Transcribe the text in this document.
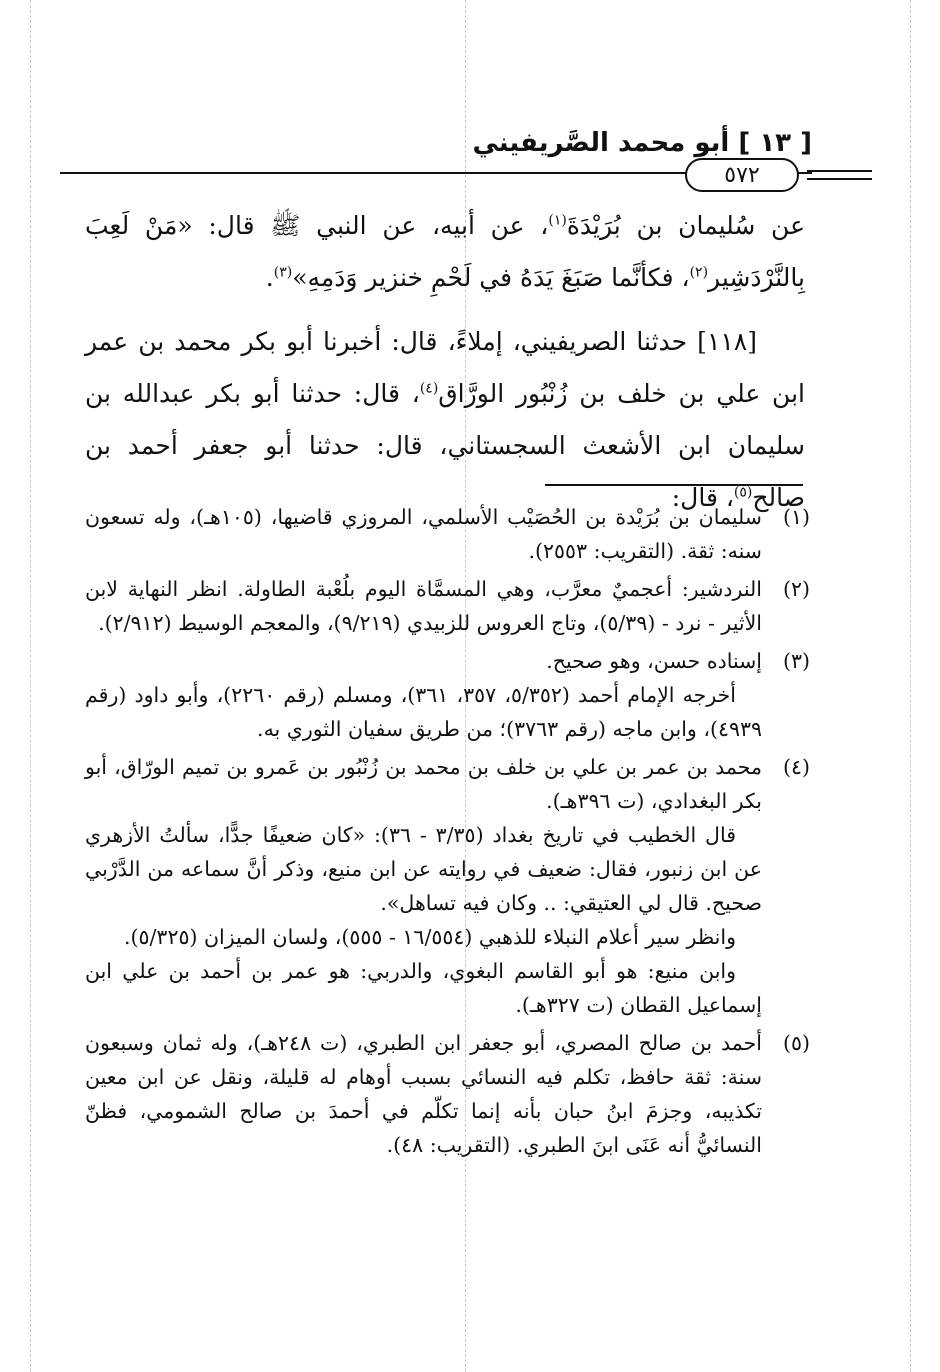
[ ١٣ ] أبو محمد الصَّريفيني
٥٧٢

عن سُليمان بن بُرَيْدَةَ$^{(١)}$، عن أبيه، عن النبي ﷺ قال: «مَنْ لَعِبَ بِالنَّرْدَشِير$^{(٢)}$، فكأنَّما صَبَغَ يَدَهُ في لَحْمِ خنزير وَدَمِهِ»$^{(٣)}$.

[١١٨] حدثنا الصريفيني، إملاءً، قال: أخبرنا أبو بكر محمد بن عمر ابن علي بن خلف بن زُنْبُور الورَّاق$^{(٤)}$، قال: حدثنا أبو بكر عبدالله بن سليمان ابن الأشعث السجستاني، قال: حدثنا أبو جعفر أحمد بن صالح$^{(٥)}$، قال:

(١)

سليمان بن بُرَيْدة بن الحُصَيْب الأسلمي، المروزي قاضيها، (١٠٥هـ)، وله تسعون سنه: ثقة. (التقريب: ٢٥٥٣).

(٢)

النردشير: أعجميٌ معرَّب، وهي المسمَّاة اليوم بلُعْبة الطاولة. انظر النهاية لابن الأثير - نرد - (٥/٣٩)، وتاج العروس للزبيدي (٩/٢١٩)، والمعجم الوسيط (٢/٩١٢).

(٣)

إسناده حسن، وهو صحيح.

أخرجه الإمام أحمد (٥/٣٥٢، ٣٥٧، ٣٦١)، ومسلم (رقم ٢٢٦٠)، وأبو داود (رقم ٤٩٣٩)، وابن ماجه (رقم ٣٧٦٣)؛ من طريق سفيان الثوري به.

(٤)

محمد بن عمر بن علي بن خلف بن محمد بن زُنْبُور بن عَمرو بن تميم الورّاق، أبو بكر البغدادي، (ت ٣٩٦هـ).

قال الخطيب في تاريخ بغداد (٣/٣٥ - ٣٦): «كان ضعيفًا جدًّا، سألتُ الأزهري عن ابن زنبور، فقال: ضعيف في روايته عن ابن منيع، وذكر أنَّ سماعه من الدَّرْبي صحيح. قال لي العتيقي: .. وكان فيه تساهل».

وانظر سير أعلام النبلاء للذهبي (١٦/٥٥٤ - ٥٥٥)، ولسان الميزان (٥/٣٢٥).

وابن منيع: هو أبو القاسم البغوي، والدربي: هو عمر بن أحمد بن علي ابن إسماعيل القطان (ت ٣٢٧هـ).

(٥)

أحمد بن صالح المصري، أبو جعفر ابن الطبري، (ت ٢٤٨هـ)، وله ثمان وسبعون سنة: ثقة حافظ، تكلم فيه النسائي بسبب أوهام له قليلة، ونقل عن ابن معين تكذيبه، وجزمَ ابنُ حبان بأنه إنما تكلّم في أحمدَ بن صالح الشمومي، فظنّ النسائيُّ أنه عَنَى ابنَ الطبري. (التقريب: ٤٨).
